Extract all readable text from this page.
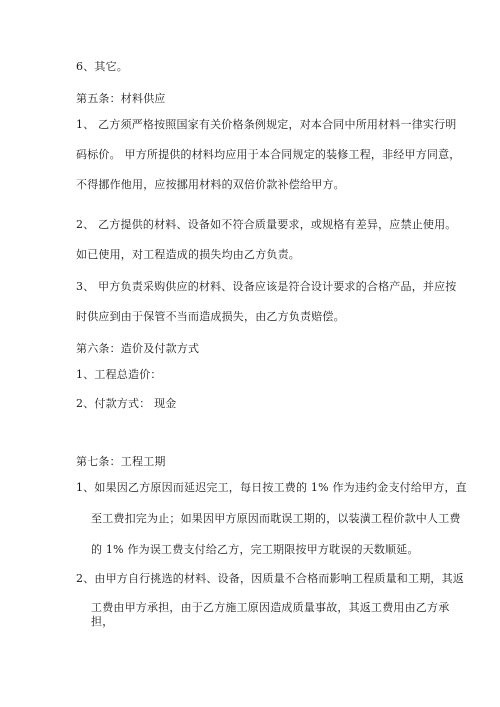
6、其它。
第五条：材料供应
1、 乙方须严格按照国家有关价格条例规定，对本合同中所用材料一律实行明
码标价。 甲方所提供的材料均应用于本合同规定的装修工程，非经甲方同意，
不得挪作他用，应按挪用材料的双倍价款补偿给甲方。
2、 乙方提供的材料、设备如不符合质量要求，或规格有差异，应禁止使用。
如已使用，对工程造成的损失均由乙方负责。
3、 甲方负责采购供应的材料、设备应该是符合设计要求的合格产品，并应按
时供应到由于保管不当而造成损失，由乙方负责赔偿。
第六条：造价及付款方式
1、工程总造价：
2、付款方式： 现金
第七条：工程工期
1、如果因乙方原因而延迟完工，每日按工费的 1% 作为违约金支付给甲方，直
至工费扣完为止；如果因甲方原因而耽误工期的，以装潢工程价款中人工费
的 1% 作为误工费支付给乙方，完工期限按甲方耽误的天数顺延。
2、由甲方自行挑选的材料、设备，因质量不合格而影响工程质量和工期，其返
工费由甲方承担，由于乙方施工原因造成质量事故，其返工费用由乙方承
担，
